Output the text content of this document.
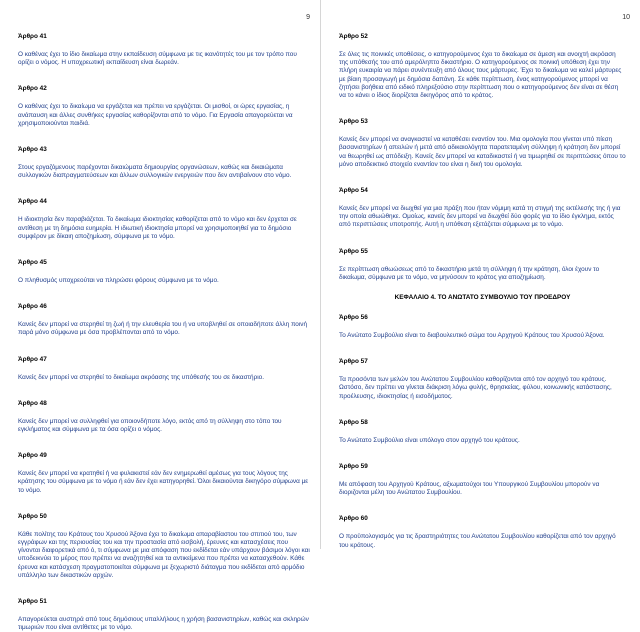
9

Άρθρο 41

Ο καθένας έχει το ίδιο δικαίωμα στην εκπαίδευση σύμφωνα με τις ικανότητές του με τον τρόπο που ορίζει ο νόμος. Η υποχρεωτική εκπαίδευση είναι δωρεάν.

Άρθρο 42

Ο καθένας έχει το δικαίωμα να εργάζεται και πρέπει να εργάζεται. Οι μισθοί, οι ώρες εργασίας, η ανάπαυση και άλλες συνθήκες εργασίας καθορίζονται από το νόμο. Για Εργασία απαγορεύεται να χρησιμοποιούνται παιδιά.

Άρθρο 43

Στους εργαζόμενους παρέχονται δικαιώματα δημιουργίας οργανώσεων, καθώς και δικαιώματα συλλογικών διαπραγματεύσεων και άλλων συλλογικών ενεργειών που δεν αντιβαίνουν στο νόμο.

Άρθρο 44

Η ιδιοκτησία δεν παραβιάζεται. Το δικαίωμα ιδιοκτησίας καθορίζεται από το νόμο και δεν έρχεται σε αντίθεση με τη δημόσια ευημερία. Η ιδιωτική ιδιοκτησία μπορεί να χρησιμοποιηθεί για το δημόσιο συμφέρον με δίκαιη αποζημίωση, σύμφωνα με το νόμο.

Άρθρο 45

Ο πληθυσμός υποχρεούται να πληρώσει φόρους σύμφωνα με το νόμο.

Άρθρο 46

Κανείς δεν μπορεί να στερηθεί τη ζωή ή την ελευθερία του ή να υποβληθεί σε οποιαδήποτε άλλη ποινή παρά μόνο σύμφωνα με όσα προβλέπονται από το νόμο.

Άρθρο 47

Κανείς δεν μπορεί να στερηθεί το δικαίωμα ακρόασης της υπόθεσής του σε δικαστήριο.

Άρθρο 48

Κανείς δεν μπορεί να συλληφθεί για οποιονδήποτε λόγο, εκτός από τη σύλληψη στο τόπο του εγκλήματος και σύμφωνα με τα όσα ορίζει ο νόμος.

Άρθρο 49

Κανείς δεν μπορεί να κρατηθεί ή να φυλακιστεί εάν δεν ενημερωθεί αμέσως για τους λόγους της κράτησης του σύμφωνα με το νόμο ή εάν δεν έχει κατηγορηθεί. Όλοι δικαιούνται δικηγόρο σύμφωνα με το νόμο.

Άρθρο 50

Κάθε πολίτης του Κράτους του Χρυσού Άξονα έχει το δικαίωμα απαραβίαστου του σπιτιού του, των εγγράφων και της περιουσίας του και την προστασία από εισβολή, έρευνες και κατασχέσεις που γίνονται διαφορετικά από ό, τι σύμφωνα με μια απόφαση που εκδίδεται εάν υπάρχουν βάσιμοι λόγοι και υποδεικνύει το μέρος που πρέπει να αναζητηθεί και τα αντικείμενα που πρέπει να κατασχεθούν. Κάθε έρευνα και κατάσχεση πραγματοποιείται σύμφωνα με ξεχωριστό διάταγμα που εκδίδεται από αρμόδιο υπάλληλο των δικαστικών αρχών.

Άρθρο 51

Απαγορεύεται αυστηρά από τους δημόσιους υπαλλήλους η χρήση βασανιστηρίων, καθώς και σκληρών τιμωριών που είναι αντίθετες με το νόμο.

10

Άρθρο 52

Σε όλες τις ποινικές υποθέσεις, ο κατηγορούμενος έχει το δικαίωμα σε άμεση και ανοιχτή ακρόαση της υπόθεσής του από αμερόληπτο δικαστήριο. Ο κατηγορούμενος σε ποινική υπόθεση έχει την πλήρη ευκαιρία να πάρει συνέντευξη από όλους τους μάρτυρες. Έχει το δικαίωμα να καλεί μάρτυρες με βίαιη προσαγωγή με δημόσια δαπάνη. Σε κάθε περίπτωση, ένας κατηγορούμενος μπορεί να ζητήσει βοήθεια από ειδικό πληρεξούσιο στην περίπτωση που ο κατηγορούμενος δεν είναι σε θέση να το κάνει ο ίδιος διορίζεται δικηγόρος από το κράτος.

Άρθρο 53

Κανείς δεν μπορεί να αναγκαστεί να καταθέσει εναντίον του. Μια ομολογία που γίνεται υπό πίεση βασανιστηρίων ή απειλών ή μετά από αδικαιολόγητα παρατεταμένη σύλληψη ή κράτηση δεν μπορεί να θεωρηθεί ως απόδειξη. Κανείς δεν μπορεί να καταδικαστεί ή να τιμωρηθεί σε περιπτώσεις όπου το μόνο αποδεικτικό στοιχείο εναντίον του είναι η δική του ομολογία.

Άρθρο 54

Κανείς δεν μπορεί να διωχθεί για μια πράξη που ήταν νόμιμη κατά τη στιγμή της εκτέλεσής της ή για την οποία αθωώθηκε. Ομοίως, κανείς δεν μπορεί να διωχθεί δύο φορές για το ίδιο έγκλημα, εκτός από περιπτώσεις υποτροπής. Αυτή η υπόθεση εξετάζεται σύμφωνα με το νόμο.

Άρθρο 55

Σε περίπτωση αθωώσεως από το δικαστήριο μετά τη σύλληψη ή την κράτηση, όλοι έχουν το δικαίωμα, σύμφωνα με το νόμο, να μηνύσουν το κράτος για αποζημίωση.

ΚΕΦΑΛΑΙΟ 4. ΤΟ ΑΝΩΤΑΤΟ ΣΥΜΒΟΥΛΙΟ ΤΟΥ ΠΡΟΕΔΡΟΥ

Άρθρο 56

Το Ανώτατο Συμβούλιο είναι το διαβουλευτικό σώμα του Αρχηγού Κράτους του Χρυσού Άξονα.

Άρθρο 57

Τα προσόντα των μελών του Ανώτατου Συμβουλίου καθορίζονται από τον αρχηγό του κράτους. Ωστόσο, δεν πρέπει να γίνεται διάκριση λόγω φυλής, θρησκείας, φύλου, κοινωνικής κατάστασης, προέλευσης, ιδιοκτησίας ή εισοδήματος.

Άρθρο 58

Το Ανώτατο Συμβούλιο είναι υπόλογο στον αρχηγό του κράτους.

Άρθρο 59

Με απόφαση του Αρχηγού Κράτους, αξιωματούχοι του Υπουργικού Συμβουλίου μπορούν να διοριζονται μέλη του Ανώτατου Συμβουλίου.

Άρθρο 60

Ο προϋπολογισμός για τις δραστηριότητες του Ανώτατου Συμβουλίου καθορίζεται από τον αρχηγό του κράτους.
